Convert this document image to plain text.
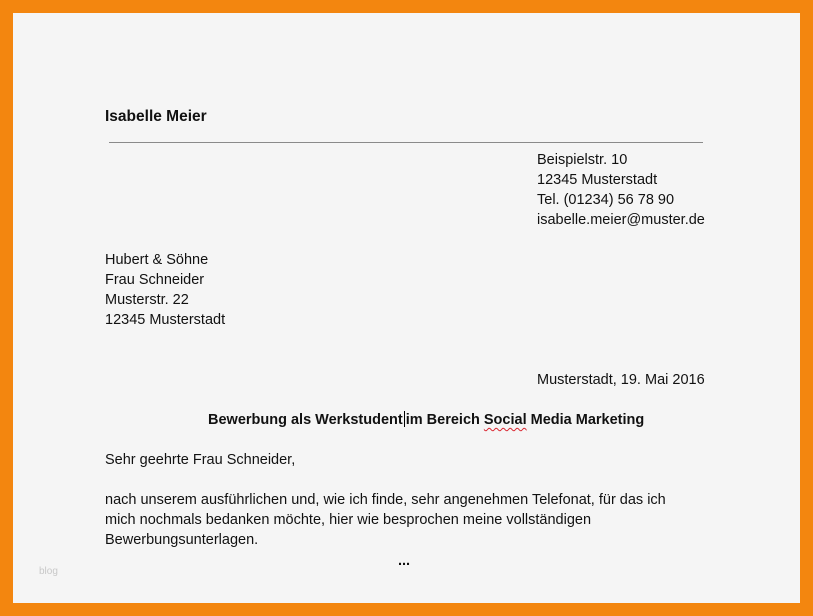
Isabelle Meier
Beispielstr. 10
12345 Musterstadt
Tel. (01234) 56 78 90
isabelle.meier@muster.de
Hubert & Söhne
Frau Schneider
Musterstr. 22
12345 Musterstadt
Musterstadt, 19. Mai 2016
Bewerbung als Werkstudent im Bereich Social Media Marketing
Sehr geehrte Frau Schneider,
nach unserem ausführlichen und, wie ich finde, sehr angenehmen Telefonat, für das ich
mich nochmals bedanken möchte, hier wie besprochen meine vollständigen
Bewerbungsunterlagen.
...
blog
